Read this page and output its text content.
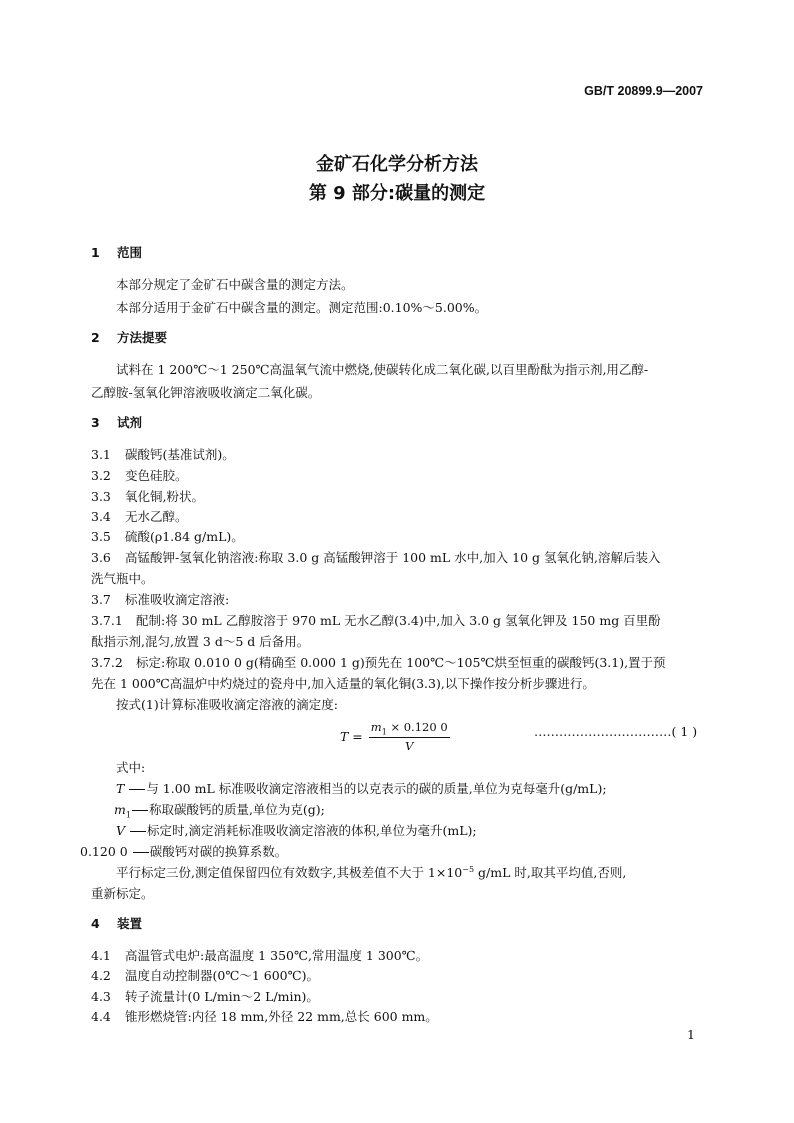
GB/T 20899.9—2007
金矿石化学分析方法
第 9 部分:碳量的测定
1 范围
本部分规定了金矿石中碳含量的测定方法。
本部分适用于金矿石中碳含量的测定。测定范围:0.10%～5.00%。
2 方法提要
试料在 1 200℃～1 250℃高温氧气流中燃烧,使碳转化成二氧化碳,以百里酚酞为指示剂,用乙醇-
乙醇胺-氢氧化钾溶液吸收滴定二氧化碳。
3 试剂
3.1 碳酸钙(基准试剂)。
3.2 变色硅胶。
3.3 氧化铜,粉状。
3.4 无水乙醇。
3.5 硫酸(ρ1.84 g/mL)。
3.6 高锰酸钾-氢氧化钠溶液:称取 3.0 g 高锰酸钾溶于 100 mL 水中,加入 10 g 氢氧化钠,溶解后装入
洗气瓶中。
3.7 标准吸收滴定溶液:
3.7.1 配制:将 30 mL 乙醇胺溶于 970 mL 无水乙醇(3.4)中,加入 3.0 g 氢氧化钾及 150 mg 百里酚
酞指示剂,混匀,放置 3 d～5 d 后备用。
3.7.2 标定:称取 0.010 0 g(精确至 0.000 1 g)预先在 100℃～105℃烘至恒重的碳酸钙(3.1),置于预
先在 1 000℃高温炉中灼烧过的瓷舟中,加入适量的氧化铜(3.3),以下操作按分析步骤进行。
按式(1)计算标准吸收滴定溶液的滴定度:
$T = \frac{m_1 \times 0.120 0}{V}$	……………………………( 1 )
式中:
T 与 1.00 mL 标准吸收滴定溶液相当的以克表示的碳的质量,单位为克每毫升(g/mL);
$m_1$ 称取碳酸钙的质量,单位为克(g);
V 标定时,滴定消耗标准吸收滴定溶液的体积,单位为毫升(mL);
0.120 0 碳酸钙对碳的换算系数。
平行标定三份,测定值保留四位有效数字,其极差值不大于 $1\times 10^{-5}$ g/mL 时,取其平均值,否则,
重新标定。
4 装置
4.1 高温管式电炉:最高温度 1 350℃,常用温度 1 300℃。
4.2 温度自动控制器(0℃～1 600℃)。
4.3 转子流量计(0 L/min～2 L/min)。
4.4 锥形燃烧管:内径 18 mm,外径 22 mm,总长 600 mm。
1
